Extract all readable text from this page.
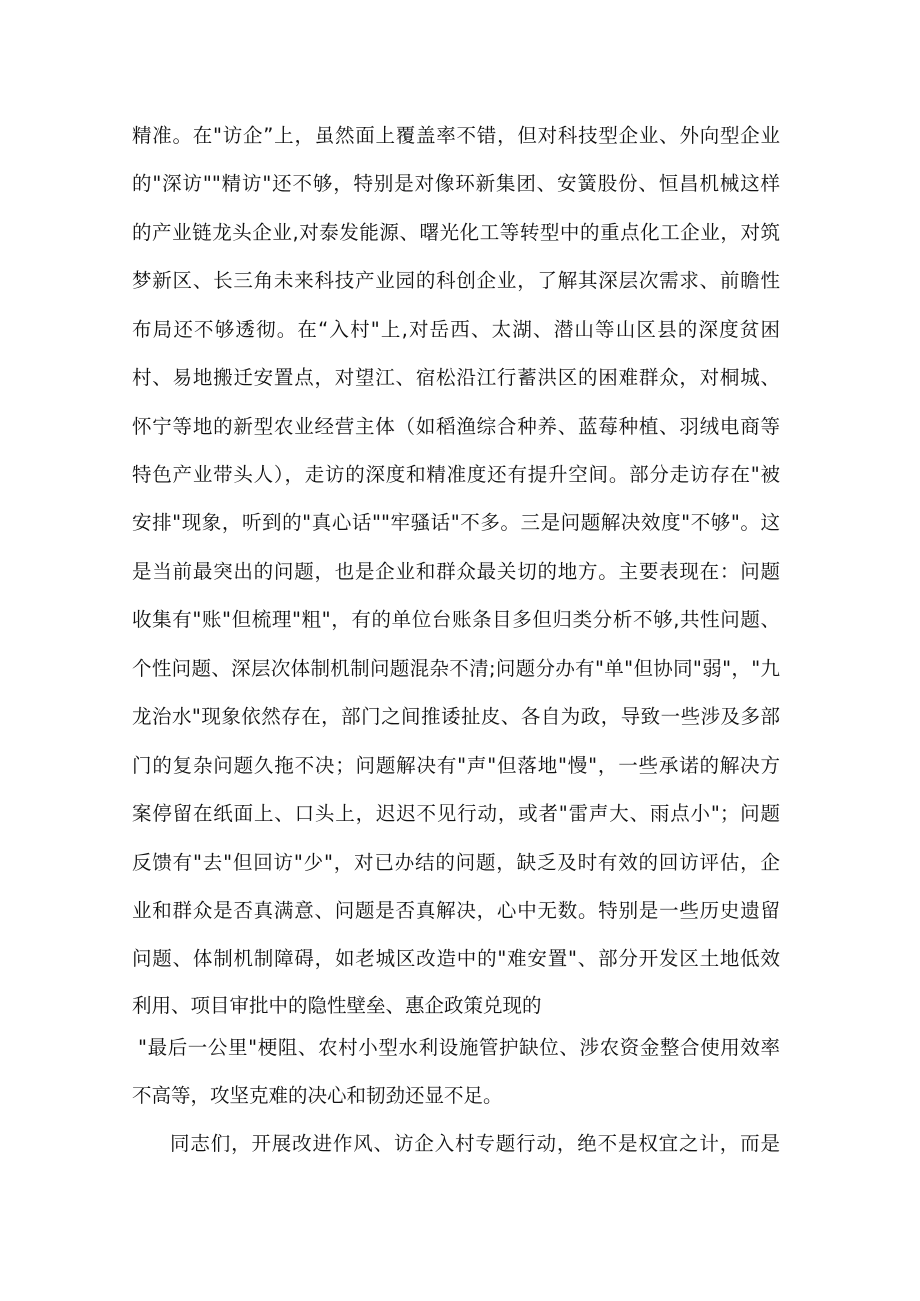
精准。在"访企”上，虽然面上覆盖率不错，但对科技型企业、外向型企业
的"深访""精访"还不够，特别是对像环新集团、安簧股份、恒昌机械这样
的产业链龙头企业,对泰发能源、曙光化工等转型中的重点化工企业，对筑
梦新区、长三角未来科技产业园的科创企业，了解其深层次需求、前瞻性
布局还不够透彻。在“入村"上,对岳西、太湖、潜山等山区县的深度贫困
村、易地搬迁安置点，对望江、宿松沿江行蓄洪区的困难群众，对桐城、
怀宁等地的新型农业经营主体（如稻渔综合种养、蓝莓种植、羽绒电商等
特色产业带头人），走访的深度和精准度还有提升空间。部分走访存在"被
安排"现象，听到的"真心话""牢骚话"不多。三是问题解决效度"不够"。这
是当前最突出的问题，也是企业和群众最关切的地方。主要表现在：问题
收集有"账"但梳理"粗"，有的单位台账条目多但归类分析不够,共性问题、
个性问题、深层次体制机制问题混杂不清;问题分办有"单"但协同"弱"，"九
龙治水"现象依然存在，部门之间推诿扯皮、各自为政，导致一些涉及多部
门的复杂问题久拖不决；问题解决有"声"但落地"慢"，一些承诺的解决方
案停留在纸面上、口头上，迟迟不见行动，或者"雷声大、雨点小"；问题
反馈有"去"但回访"少"，对已办结的问题，缺乏及时有效的回访评估，企
业和群众是否真满意、问题是否真解决，心中无数。特别是一些历史遗留
问题、体制机制障碍，如老城区改造中的"难安置"、部分开发区土地低效
利用、项目审批中的隐性壁垒、惠企政策兑现的
"最后一公里"梗阻、农村小型水利设施管护缺位、涉农资金整合使用效率
不高等，攻坚克难的决心和韧劲还显不足。
同志们，开展改进作风、访企入村专题行动，绝不是权宜之计，而是
